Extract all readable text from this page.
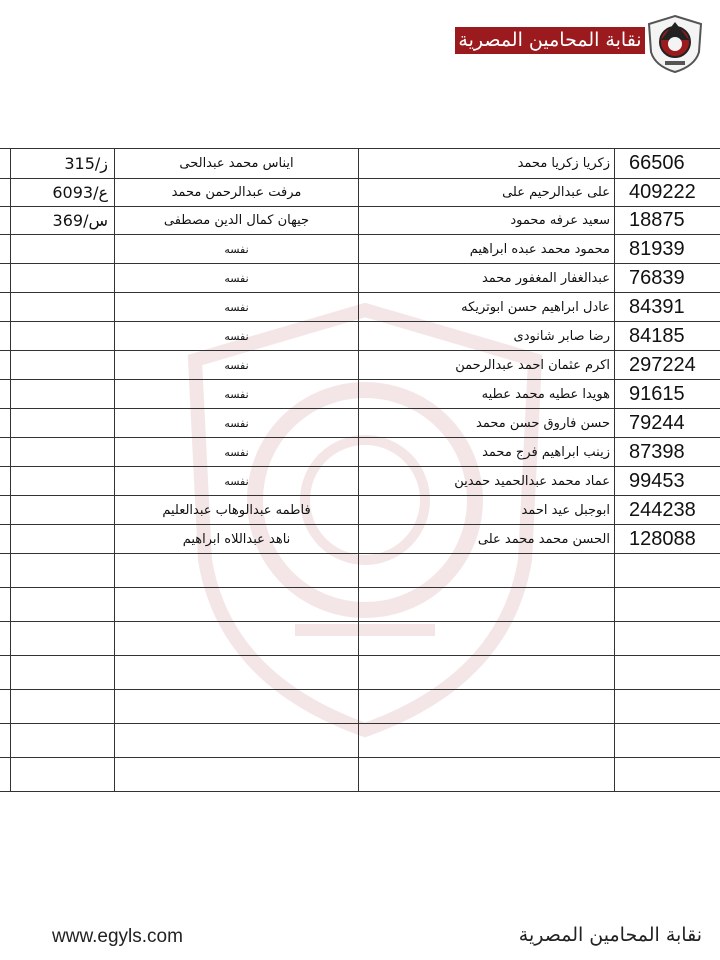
نقابة المحامين المصرية
	315/ز	ايناس محمد عبدالحى	زكريا زكريا محمد	66506
	6093/ع	مرفت عبدالرحمن محمد	على عبدالرحيم على	409222
	369/س	جيهان كمال الدين مصطفى	سعيد عرفه محمود	18875
		نفسه	محمود محمد عبده ابراهيم	81939
		نفسه	عبدالغفار المغفور محمد	76839
		نفسه	عادل ابراهيم حسن ابوتريكه	84391
		نفسه	رضا صابر شانودى	84185
		نفسه	اكرم عثمان احمد عبدالرحمن	297224
		نفسه	هويدا عطيه محمد عطيه	91615
		نفسه	حسن فاروق حسن محمد	79244
		نفسه	زينب ابراهيم فرج محمد	87398
		نفسه	عماد محمد عبدالحميد حمدين	99453
		فاطمه عبدالوهاب عبدالعليم	ابوجبل عيد احمد	244238
		ناهد عبداللاه ابراهيم	الحسن محمد محمد على	128088

www.egyls.com	نقابة المحامين المصرية
